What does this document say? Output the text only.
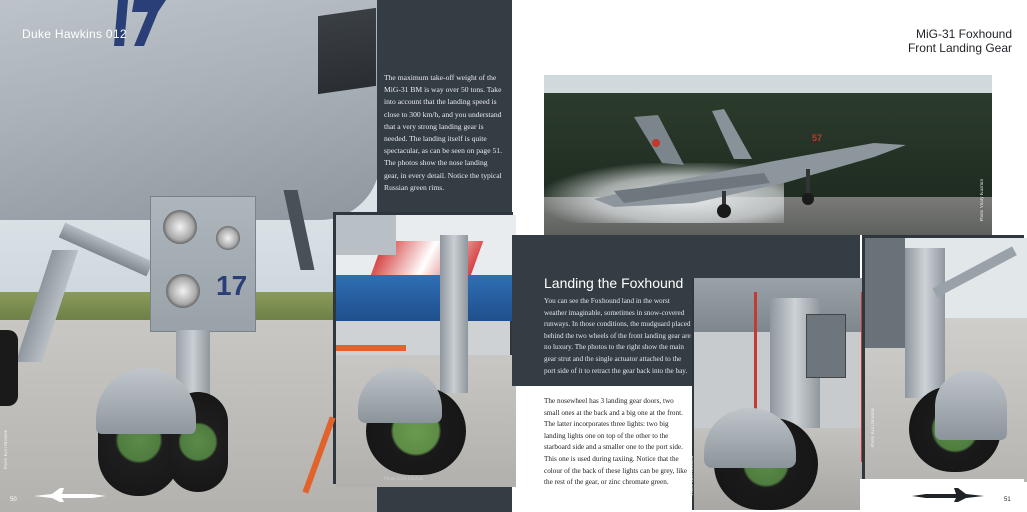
17
Duke Hawkins 012
The maximum take-off weight of the MiG-31 BM is way over 50 tons. Take into account that the landing speed is close to 300 km/h, and you understand that a very strong landing gear is needed. The landing itself is quite spectacular, as can be seen on page 51. The photos show the nose landing gear, in every detail. Notice the typical Russian green rims.
Photo Kiril Mashek
Photo Kiril Mashek
50
MiG-31 Foxhound
Front Landing Gear
57
Photo Vitaly Kuzmin
Landing the Foxhound
You can see the Foxhound land in the worst weather imaginable, sometimes in snow-covered runways. In those conditions, the mudguard placed behind the two wheels of the front landing gear are no luxury. The photos to the right show the main gear strut and the single actuator attached to the port side of it to retract the gear back into the bay.
The nosewheel has 3 landing gear doors, two small ones at the back and a big one at the front. The latter incorporates three lights: two big landing lights one on top of the other to the starboard side and a smaller one to the port side. This one is used during taxiing. Notice that the colour of the back of these lights can be grey, like the rest of the gear, or zinc chromate green.	Photo Kiril Mashek
Photo Kiril Mashek
51
